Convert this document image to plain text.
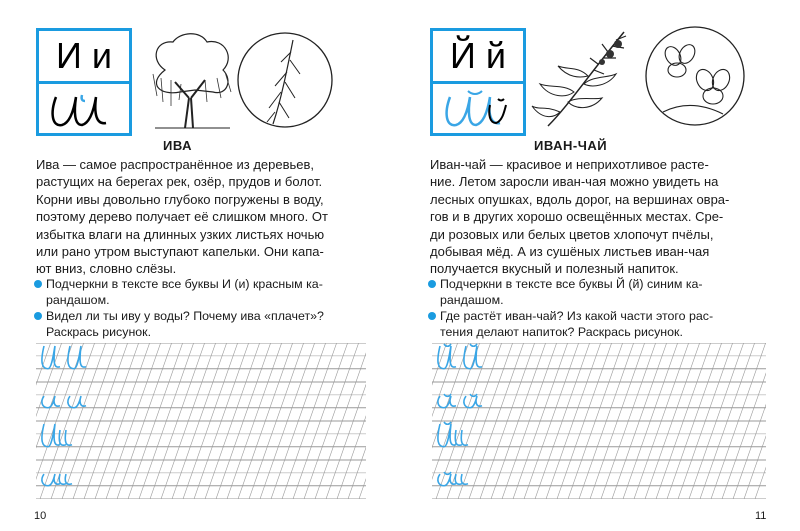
И и
ИВА

Ива — самое распространённое из деревьев,
растущих на берегах рек, озёр, прудов и болот.
Корни ивы довольно глубоко погружены в воду,
поэтому дерево получает её слишком много. От
избытка влаги на длинных узких листьях ночью
или рано утром выступают капельки. Они капа-
ют вниз, словно слёзы.

Подчеркни в тексте все буквы И (и) красным ка-
рандашом.

Видел ли ты иву у воды? Почему ива «плачет»?
Раскрась рисунок.

10
Й й
ИВАН-ЧАЙ

Иван-чай — красивое и неприхотливое расте-
ние. Летом заросли иван-чая можно увидеть на
лесных опушках, вдоль дорог, на вершинах овра-
гов и в других хорошо освещённых местах. Сре-
ди розовых или белых цветов хлопочут пчёлы,
добывая мёд. А из сушёных листьев иван-чая
получается вкусный и полезный напиток.

Подчеркни в тексте все буквы Й (й) синим ка-
рандашом.

Где растёт иван-чай? Из какой части этого рас-
тения делают напиток? Раскрась рисунок.

11
